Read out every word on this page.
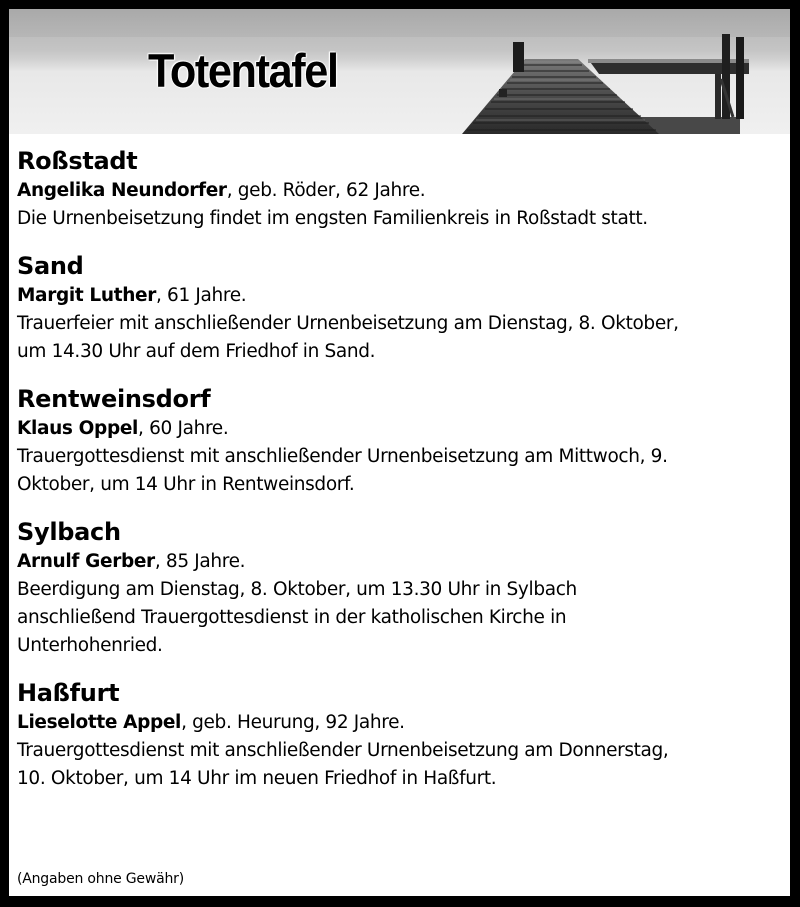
Totentafel

Roßstadt

Angelika Neundorfer, geb. Röder, 62 Jahre.

Die Urnenbeisetzung findet im engsten Familienkreis in Roßstadt statt.

Sand

Margit Luther, 61 Jahre.

Trauerfeier mit anschließender Urnenbeisetzung am Dienstag, 8. Oktober,

um 14.30 Uhr auf dem Friedhof in Sand.

Rentweinsdorf

Klaus Oppel, 60 Jahre.

Trauergottesdienst mit anschließender Urnenbeisetzung am Mittwoch, 9.

Oktober, um 14 Uhr in Rentweinsdorf.

Sylbach

Arnulf Gerber, 85 Jahre.

Beerdigung am Dienstag, 8. Oktober, um 13.30 Uhr in Sylbach

anschließend Trauergottesdienst in der katholischen Kirche in

Unterhohenried.

Haßfurt

Lieselotte Appel, geb. Heurung, 92 Jahre.

Trauergottesdienst mit anschließender Urnenbeisetzung am Donnerstag,

10. Oktober, um 14 Uhr im neuen Friedhof in Haßfurt.

(Angaben ohne Gewähr)
